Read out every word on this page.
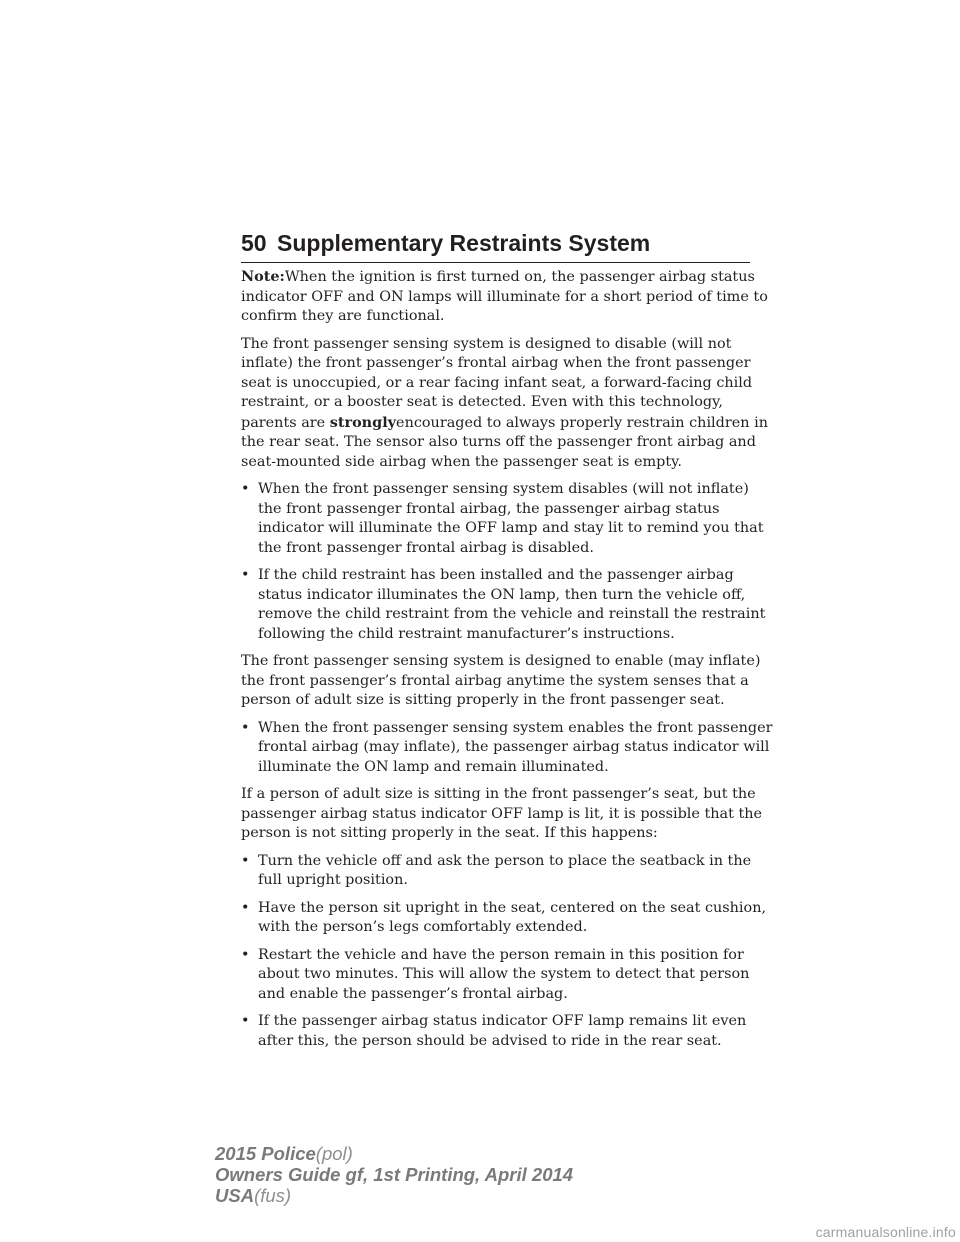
50 Supplementary Restraints System

Note:When the ignition is first turned on, the passenger airbag status
indicator OFF and ON lamps will illuminate for a short period of time to
confirm they are functional.

The front passenger sensing system is designed to disable (will not
inflate) the front passenger’s frontal airbag when the front passenger
seat is unoccupied, or a rear facing infant seat, a forward-facing child
restraint, or a booster seat is detected. Even with this technology,
parents are stronglyencouraged to always properly restrain children in
the rear seat. The sensor also turns off the passenger front airbag and
seat-mounted side airbag when the passenger seat is empty.

• When the front passenger sensing system disables (will not inflate)
the front passenger frontal airbag, the passenger airbag status
indicator will illuminate the OFF lamp and stay lit to remind you that
the front passenger frontal airbag is disabled.
• If the child restraint has been installed and the passenger airbag
status indicator illuminates the ON lamp, then turn the vehicle off,
remove the child restraint from the vehicle and reinstall the restraint
following the child restraint manufacturer’s instructions.

The front passenger sensing system is designed to enable (may inflate)
the front passenger’s frontal airbag anytime the system senses that a
person of adult size is sitting properly in the front passenger seat.

• When the front passenger sensing system enables the front passenger
frontal airbag (may inflate), the passenger airbag status indicator will
illuminate the ON lamp and remain illuminated.

If a person of adult size is sitting in the front passenger’s seat, but the
passenger airbag status indicator OFF lamp is lit, it is possible that the
person is not sitting properly in the seat. If this happens:

• Turn the vehicle off and ask the person to place the seatback in the
full upright position.
• Have the person sit upright in the seat, centered on the seat cushion,
with the person’s legs comfortably extended.
• Restart the vehicle and have the person remain in this position for
about two minutes. This will allow the system to detect that person
and enable the passenger’s frontal airbag.
• If the passenger airbag status indicator OFF lamp remains lit even
after this, the person should be advised to ride in the rear seat.
2015 Police(pol)
Owners Guide gf, 1st Printing, April 2014
USA(fus)
carmanualsonline.info
